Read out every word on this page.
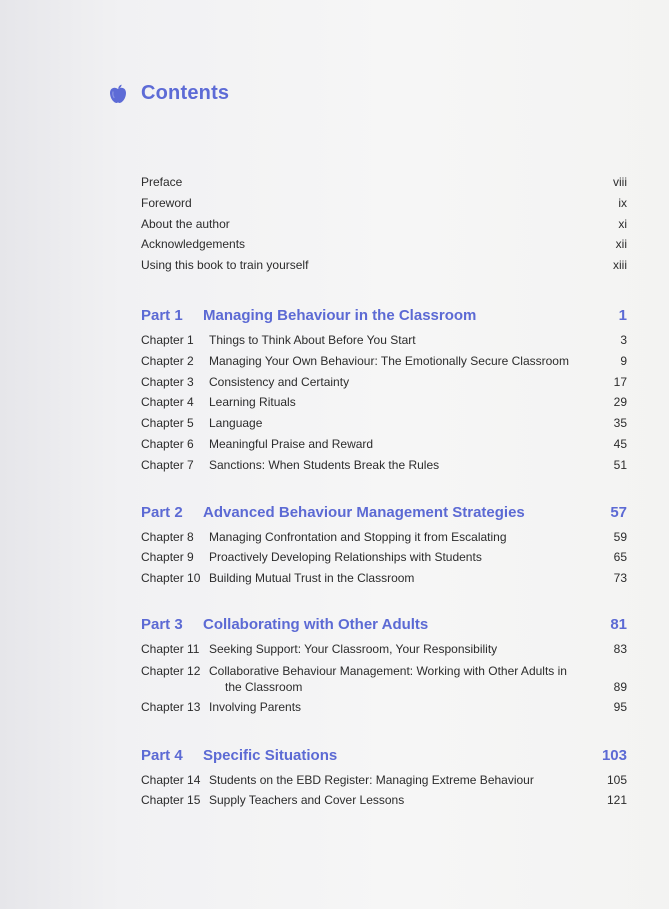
Contents
Preface	viii
Foreword	ix
About the author	xi
Acknowledgements	xii
Using this book to train yourself	xiii
Part 1	Managing Behaviour in the Classroom	1
Chapter 1	Things to Think About Before You Start	3
Chapter 2	Managing Your Own Behaviour: The Emotionally Secure Classroom	9
Chapter 3	Consistency and Certainty	17
Chapter 4	Learning Rituals	29
Chapter 5	Language	35
Chapter 6	Meaningful Praise and Reward	45
Chapter 7	Sanctions: When Students Break the Rules	51
Part 2	Advanced Behaviour Management Strategies	57
Chapter 8	Managing Confrontation and Stopping it from Escalating	59
Chapter 9	Proactively Developing Relationships with Students	65
Chapter 10 Building Mutual Trust in the Classroom	73
Part 3	Collaborating with Other Adults	81
Chapter 11 Seeking Support: Your Classroom, Your Responsibility	83
Chapter 12 Collaborative Behaviour Management: Working with Other Adults in
the Classroom	89
Chapter 13 Involving Parents	95
Part 4	Specific Situations	103
Chapter 14 Students on the EBD Register: Managing Extreme Behaviour	105
Chapter 15 Supply Teachers and Cover Lessons	121
